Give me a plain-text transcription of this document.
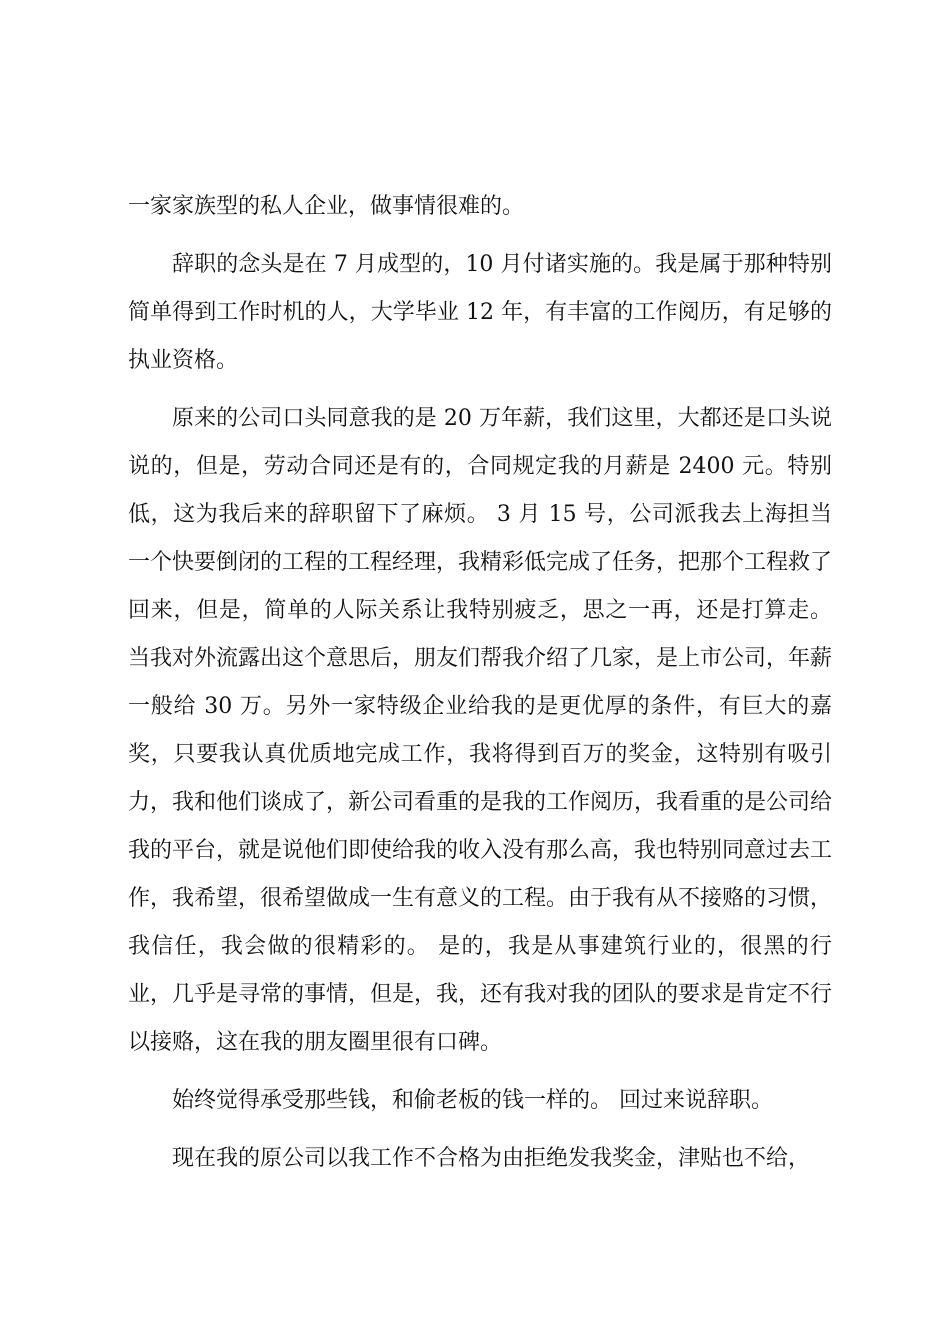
一家家族型的私人企业，做事情很难的。

辞职的念头是在 7 月成型的，10 月付诸实施的。我是属于那种特别简单得到工作时机的人，大学毕业 12 年，有丰富的工作阅历，有足够的执业资格。

原来的公司口头同意我的是 20 万年薪，我们这里，大都还是口头说说的，但是，劳动合同还是有的，合同规定我的月薪是 2400 元。特别低，这为我后来的辞职留下了麻烦。 3 月 15 号，公司派我去上海担当一个快要倒闭的工程的工程经理，我精彩低完成了任务，把那个工程救了回来，但是，简单的人际关系让我特别疲乏，思之一再，还是打算走。 当我对外流露出这个意思后，朋友们帮我介绍了几家，是上市公司，年薪一般给 30 万。另外一家特级企业给我的是更优厚的条件，有巨大的嘉奖，只要我认真优质地完成工作，我将得到百万的奖金，这特别有吸引力，我和他们谈成了，新公司看重的是我的工作阅历，我看重的是公司给我的平台，就是说他们即使给我的收入没有那么高，我也特别同意过去工作，我希望，很希望做成一生有意义的工程。由于我有从不接赂的习惯，我信任，我会做的很精彩的。 是的，我是从事建筑行业的，很黑的行业，几乎是寻常的事情，但是，我，还有我对我的团队的要求是肯定不行以接赂，这在我的朋友圈里很有口碑。

始终觉得承受那些钱，和偷老板的钱一样的。 回过来说辞职。

现在我的原公司以我工作不合格为由拒绝发我奖金，津贴也不给，
